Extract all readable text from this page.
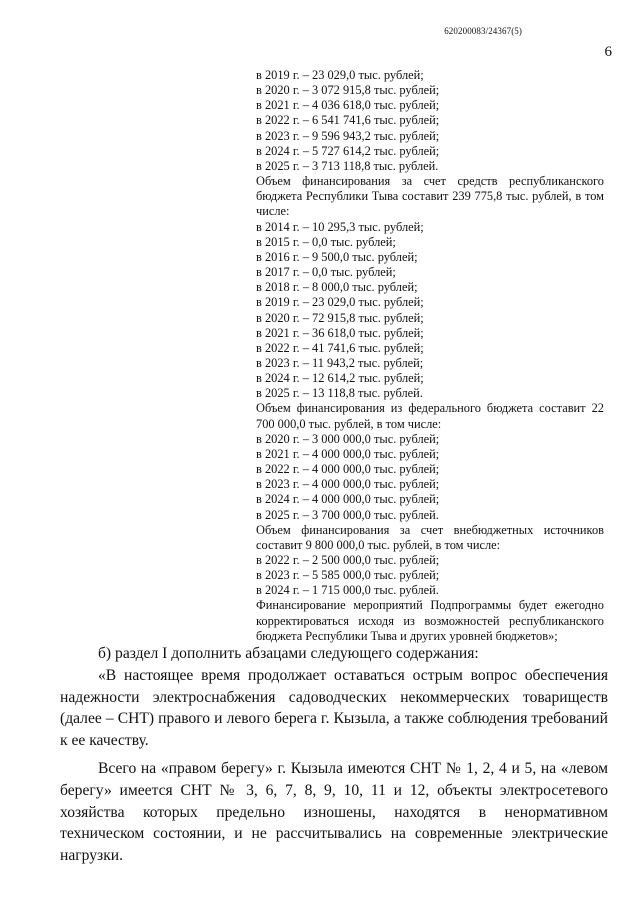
620200083/24367(5)
6
в 2019 г. – 23 029,0 тыс. рублей;
в 2020 г. – 3 072 915,8 тыс. рублей;
в 2021 г. – 4 036 618,0 тыс. рублей;
в 2022 г. – 6 541 741,6 тыс. рублей;
в 2023 г. – 9 596 943,2 тыс. рублей;
в 2024 г. – 5 727 614,2 тыс. рублей;
в 2025 г. – 3 713 118,8 тыс. рублей.
Объем финансирования за счет средств республиканского бюджета Республики Тыва составит 239 775,8 тыс. рублей, в том числе:
в 2014 г. – 10 295,3 тыс. рублей;
в 2015 г. – 0,0 тыс. рублей;
в 2016 г. – 9 500,0 тыс. рублей;
в 2017 г. – 0,0 тыс. рублей;
в 2018 г. – 8 000,0 тыс. рублей;
в 2019 г. – 23 029,0 тыс. рублей;
в 2020 г. – 72 915,8 тыс. рублей;
в 2021 г. – 36 618,0 тыс. рублей;
в 2022 г. – 41 741,6 тыс. рублей;
в 2023 г. – 11 943,2 тыс. рублей;
в 2024 г. – 12 614,2 тыс. рублей;
в 2025 г. – 13 118,8 тыс. рублей.
Объем финансирования из федерального бюджета составит 22 700 000,0 тыс. рублей, в том числе:
в 2020 г. – 3 000 000,0 тыс. рублей;
в 2021 г. – 4 000 000,0 тыс. рублей;
в 2022 г. – 4 000 000,0 тыс. рублей;
в 2023 г. – 4 000 000,0 тыс. рублей;
в 2024 г. – 4 000 000,0 тыс. рублей;
в 2025 г. – 3 700 000,0 тыс. рублей.
Объем финансирования за счет внебюджетных источников составит 9 800 000,0 тыс. рублей, в том числе:
в 2022 г. – 2 500 000,0 тыс. рублей;
в 2023 г. – 5 585 000,0 тыс. рублей;
в 2024 г. – 1 715 000,0 тыс. рублей.
Финансирование мероприятий Подпрограммы будет ежегодно корректироваться исходя из возможностей республиканского бюджета Республики Тыва и других уровней бюджетов»;

б) раздел I дополнить абзацами следующего содержания:

«В настоящее время продолжает оставаться острым вопрос обеспечения надежности электроснабжения садоводческих некоммерческих товариществ (далее – СНТ) правого и левого берега г. Кызыла, а также соблюдения требований к ее качеству.

Всего на «правом берегу» г. Кызыла имеются СНТ № 1, 2, 4 и 5, на «левом берегу» имеется СНТ № 3, 6, 7, 8, 9, 10, 11 и 12, объекты электросетевого хозяйства которых предельно изношены, находятся в ненормативном техническом состоянии, и не рассчитывались на современные электрические нагрузки.
